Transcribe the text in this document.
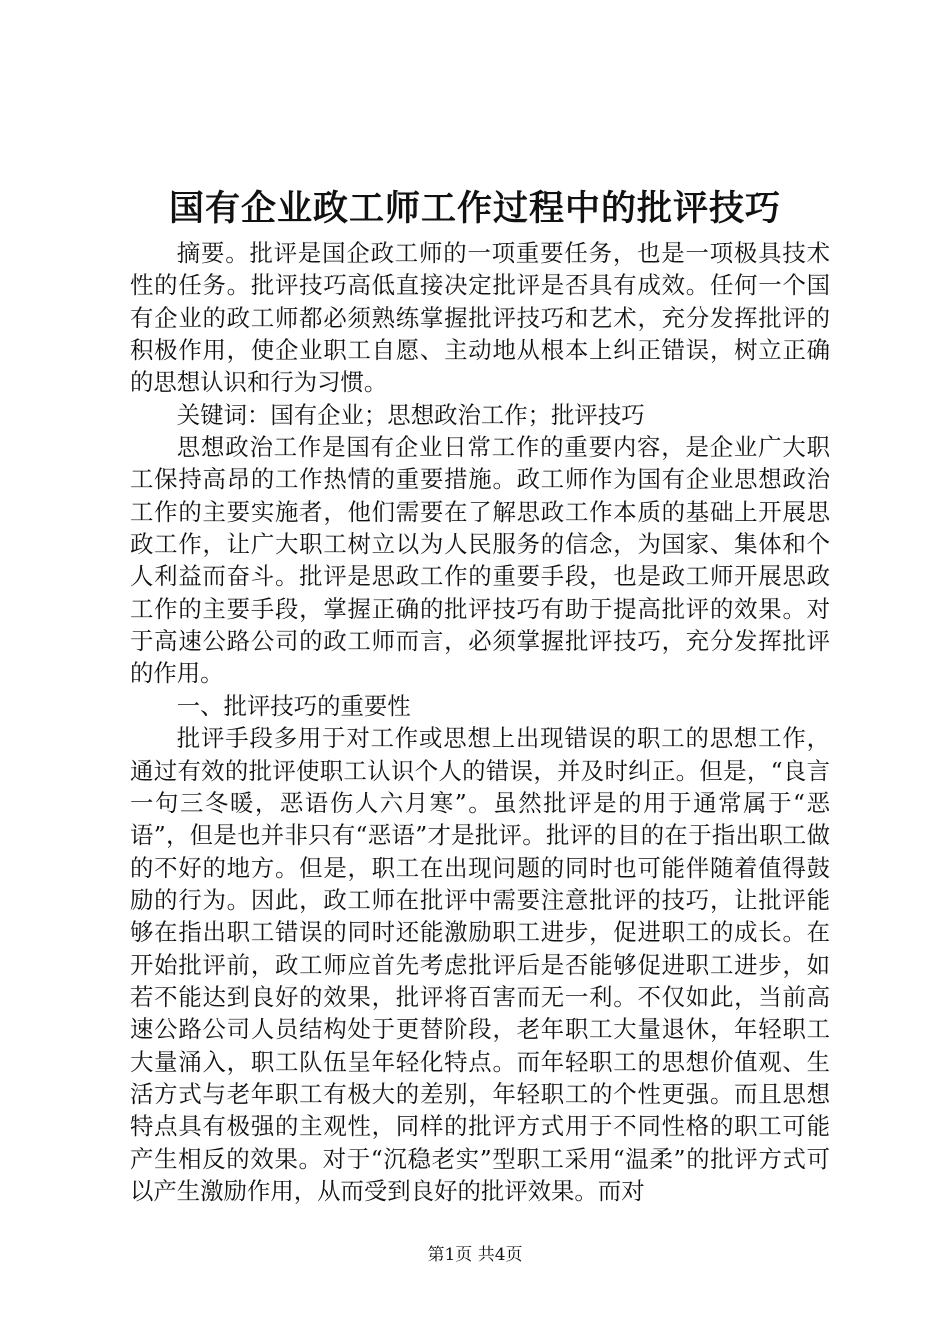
国有企业政工师工作过程中的批评技巧

摘要。批评是国企政工师的一项重要任务，也是一项极具技术性的任务。批评技巧高低直接决定批评是否具有成效。任何一个国有企业的政工师都必须熟练掌握批评技巧和艺术，充分发挥批评的积极作用，使企业职工自愿、主动地从根本上纠正错误，树立正确的思想认识和行为习惯。

关键词：国有企业；思想政治工作；批评技巧

思想政治工作是国有企业日常工作的重要内容，是企业广大职工保持高昂的工作热情的重要措施。政工师作为国有企业思想政治工作的主要实施者，他们需要在了解思政工作本质的基础上开展思政工作，让广大职工树立以为人民服务的信念，为国家、集体和个人利益而奋斗。批评是思政工作的重要手段，也是政工师开展思政工作的主要手段，掌握正确的批评技巧有助于提高批评的效果。对于高速公路公司的政工师而言，必须掌握批评技巧，充分发挥批评的作用。

一、批评技巧的重要性

批评手段多用于对工作或思想上出现错误的职工的思想工作，通过有效的批评使职工认识个人的错误，并及时纠正。但是，“良言一句三冬暖，恶语伤人六月寒”。虽然批评是的用于通常属于“恶语”，但是也并非只有“恶语”才是批评。批评的目的在于指出职工做的不好的地方。但是，职工在出现问题的同时也可能伴随着值得鼓励的行为。因此，政工师在批评中需要注意批评的技巧，让批评能够在指出职工错误的同时还能激励职工进步，促进职工的成长。在开始批评前，政工师应首先考虑批评后是否能够促进职工进步，如若不能达到良好的效果，批评将百害而无一利。不仅如此，当前高速公路公司人员结构处于更替阶段，老年职工大量退休，年轻职工大量涌入，职工队伍呈年轻化特点。而年轻职工的思想价值观、生活方式与老年职工有极大的差别，年轻职工的个性更强。而且思想特点具有极强的主观性，同样的批评方式用于不同性格的职工可能产生相反的效果。对于“沉稳老实”型职工采用“温柔”的批评方式可以产生激励作用，从而受到良好的批评效果。而对

第1页 共4页
